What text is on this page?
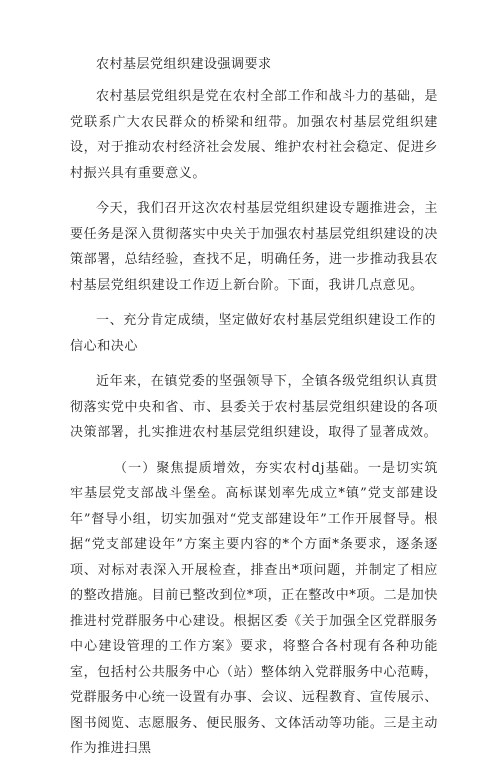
农村基层党组织建设强调要求

农村基层党组织是党在农村全部工作和战斗力的基础，是党联系广大农民群众的桥梁和纽带。加强农村基层党组织建设，对于推动农村经济社会发展、维护农村社会稳定、促进乡村振兴具有重要意义。

今天，我们召开这次农村基层党组织建设专题推进会，主要任务是深入贯彻落实中央关于加强农村基层党组织建设的决策部署，总结经验，查找不足，明确任务，进一步推动我县农村基层党组织建设工作迈上新台阶。下面，我讲几点意见。

一、充分肯定成绩，坚定做好农村基层党组织建设工作的信心和决心

近年来，在镇党委的坚强领导下，全镇各级党组织认真贯彻落实党中央和省、市、县委关于农村基层党组织建设的各项决策部署，扎实推进农村基层党组织建设，取得了显著成效。

（一）聚焦提质增效，夯实农村dj基础。一是切实筑牢基层党支部战斗堡垒。高标谋划率先成立*镇”党支部建设年”督导小组，切实加强对“党支部建设年”工作开展督导。根据“党支部建设年”方案主要内容的*个方面*条要求，逐条逐项、对标对表深入开展检查，排查出*项问题，并制定了相应的整改措施。目前已整改到位*项，正在整改中*项。二是加快推进村党群服务中心建设。根据区委《关于加强全区党群服务中心建设管理的工作方案》要求，将整合各村现有各种功能室，包括村公共服务中心（站）整体纳入党群服务中心范畴，党群服务中心统一设置有办事、会议、远程教育、宣传展示、图书阅览、志愿服务、便民服务、文体活动等功能。三是主动作为推进扫黑
